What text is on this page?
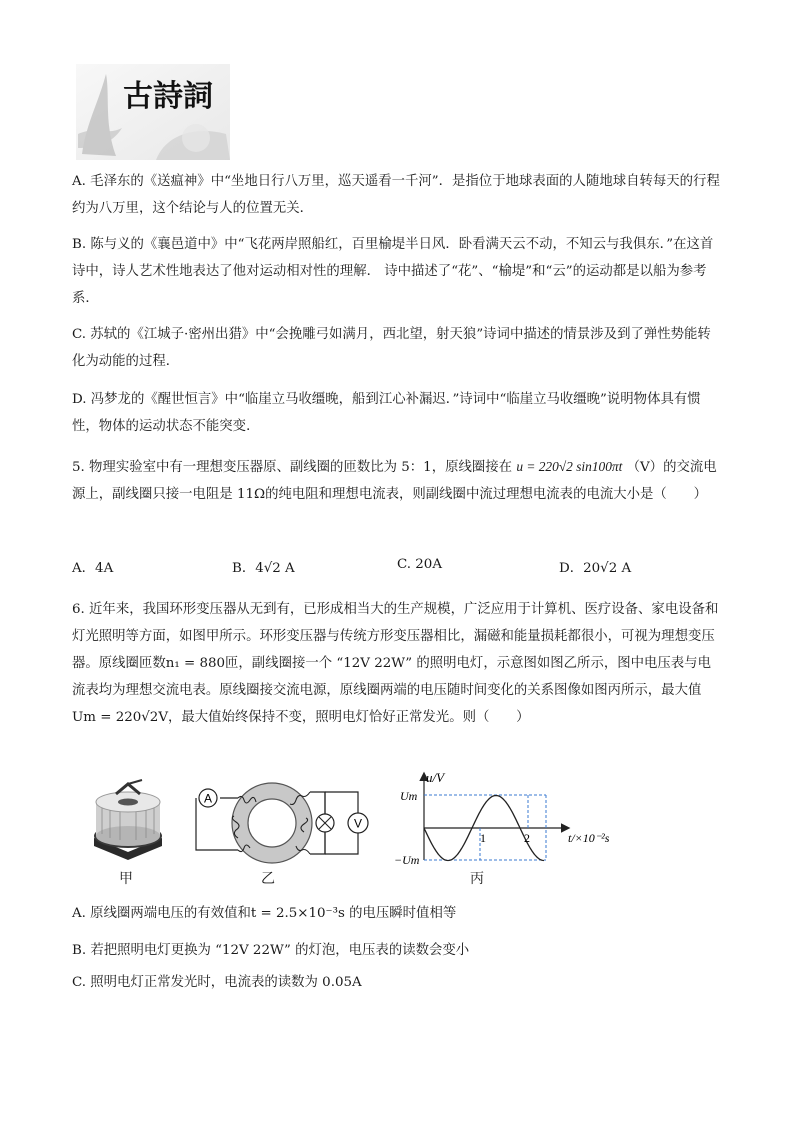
古詩詞

A. 毛泽东的《送瘟神》中“坐地日行八万里，巡天遥看一千河”．是指位于地球表面的人随地球自转每天的行程约为八万里，这个结论与人的位置无关．

B. 陈与义的《襄邑道中》中“飞花两岸照船红，百里榆堤半日风．卧看满天云不动，不知云与我俱东．”在这首诗中，诗人艺术性地表达了他对运动相对性的理解． 诗中描述了“花”、“榆堤”和“云”的运动都是以船为参考系．

C. 苏轼的《江城子·密州出猎》中“会挽雕弓如满月，西北望，射天狼”诗词中描述的情景涉及到了弹性势能转化为动能的过程．

D. 冯梦龙的《醒世恒言》中“临崖立马收缰晚，船到江心补漏迟．”诗词中“临崖立马收缰晚”说明物体具有惯性，物体的运动状态不能突变．

5. 物理实验室中有一理想变压器原、副线圈的匝数比为 5：1，原线圈接在 u = 220√2 sin100πt （V）的交流电源上，副线圈只接一电阻是 11Ω的纯电阻和理想电流表，则副线圈中流过理想电流表的电流大小是（　　）

A．4A	B．4√2 A	C. 20A	D．20√2 A

6. 近年来，我国环形变压器从无到有，已形成相当大的生产规模，广泛应用于计算机、医疗设备、家电设备和灯光照明等方面，如图甲所示。环形变压器与传统方形变压器相比，漏磁和能量损耗都很小，可视为理想变压器。原线圈匝数n₁ = 880匝，副线圈接一个 “12V 22W” 的照明电灯，示意图如图乙所示，图中电压表与电流表均为理想交流电表。原线圈接交流电源，原线圈两端的电压随时间变化的关系图像如图丙所示，最大值 Um = 220√2V，最大值始终保持不变，照明电灯恰好正常发光。则（　　）

甲
A
V
乙
u/V
Um
−Um
1	2	t/×10⁻²s
丙

A. 原线圈两端电压的有效值和t = 2.5×10⁻³s 的电压瞬时值相等

B. 若把照明电灯更换为 “12V 22W” 的灯泡，电压表的读数会变小

C. 照明电灯正常发光时，电流表的读数为 0.05A
